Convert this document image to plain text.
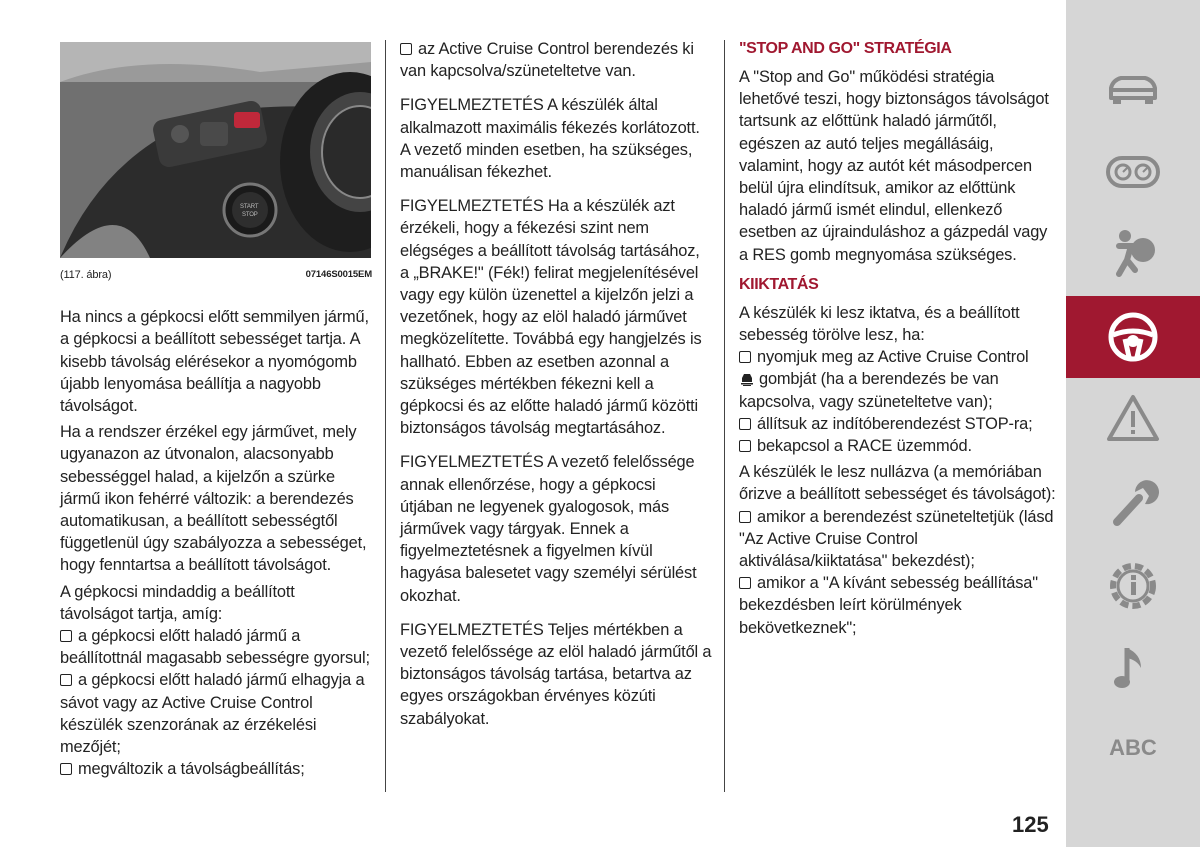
START
STOP
(117. ábra)	07146S0015EM

Ha nincs a gépkocsi előtt semmilyen jármű, a gépkocsi a beállított sebességet tartja. A kisebb távolság elérésekor a nyomógomb újabb lenyomása beállítja a nagyobb távolságot.

Ha a rendszer érzékel egy járművet, mely ugyanazon az útvonalon, alacsonyabb sebességgel halad, a kijelzőn a szürke jármű ikon fehérré változik: a berendezés automatikusan, a beállított sebességtől függetlenül úgy szabályozza a sebességet, hogy fenntartsa a beállított távolságot.

A gépkocsi mindaddig a beállított távolságot tartja, amíg:

a gépkocsi előtt haladó jármű a beállítottnál magasabb sebességre gyorsul;
a gépkocsi előtt haladó jármű elhagyja a sávot vagy az Active Cruise Control készülék szenzorának az érzékelési mezőjét;
megváltozik a távolságbeállítás;

az Active Cruise Control berendezés ki van kapcsolva/szüneteltetve van.

FIGYELMEZTETÉS A készülék által alkalmazott maximális fékezés korlátozott. A vezető minden esetben, ha szükséges, manuálisan fékezhet.

FIGYELMEZTETÉS Ha a készülék azt érzékeli, hogy a fékezési szint nem elégséges a beállított távolság tartásához, a „BRAKE!" (Fék!) felirat megjelenítésével vagy egy külön üzenettel a kijelzőn jelzi a vezetőnek, hogy az elöl haladó járművet megközelítette. Továbbá egy hangjelzés is hallható. Ebben az esetben azonnal a szükséges mértékben fékezni kell a gépkocsi és az előtte haladó jármű közötti biztonságos távolság megtartásához.

FIGYELMEZTETÉS A vezető felelőssége annak ellenőrzése, hogy a gépkocsi útjában ne legyenek gyalogosok, más járművek vagy tárgyak. Ennek a figyelmeztetésnek a figyelmen kívül hagyása balesetet vagy személyi sérülést okozhat.

FIGYELMEZTETÉS Teljes mértékben a vezető felelőssége az elöl haladó járműtől a biztonságos távolság tartása, betartva az egyes országokban érvényes közúti szabályokat.

"STOP AND GO" STRATÉGIA

A "Stop and Go" működési stratégia lehetővé teszi, hogy biztonságos távolságot tartsunk az előttünk haladó járműtől, egészen az autó teljes megállásáig, valamint, hogy az autót két másodpercen belül újra elindítsuk, amikor az előttünk haladó jármű ismét elindul, ellenkező esetben az újrainduláshoz a gázpedál vagy a RES gomb megnyomása szükséges.

KIIKTATÁS

A készülék ki lesz iktatva, és a beállított sebesség törölve lesz, ha:

nyomjuk meg az Active Cruise Control
gombját (ha a berendezés be van kapcsolva, vagy szüneteltetve van);
állítsuk az indítóberendezést STOP-ra;
bekapcsol a RACE üzemmód.

A készülék le lesz nullázva (a memóriában őrizve a beállított sebességet és távolságot):

amikor a berendezést szüneteltetjük (lásd "Az Active Cruise Control aktiválása/kiiktatása" bekezdést);
amikor a "A kívánt sebesség beállítása" bekezdésben leírt körülmények bekövetkeznek";
ABC
125
